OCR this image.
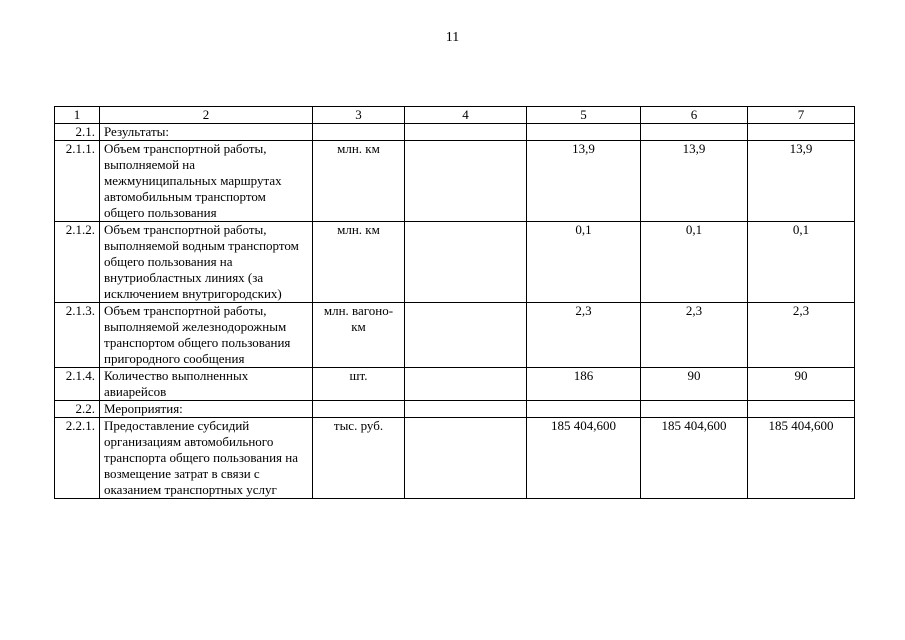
11
1	2	3	4	5	6	7
2.1.	Результаты:					
2.1.1.	Объем транспортной работы, выполняемой на межмуниципальных маршрутах автомобильным транспортом общего пользования	млн. км		13,9	13,9	13,9
2.1.2.	Объем транспортной работы, выполняемой водным транспортом общего пользования на внутриобластных линиях (за исключением внутригородских)	млн. км		0,1	0,1	0,1
2.1.3.	Объем транспортной работы, выполняемой железнодорожным транспортом общего пользования пригородного сообщения	млн. вагоно-км		2,3	2,3	2,3
2.1.4.	Количество выполненных авиарейсов	шт.		186	90	90
2.2.	Мероприятия:					
2.2.1.	Предоставление субсидий организациям автомобильного транспорта общего пользования на возмещение затрат в связи с оказанием транспортных услуг	тыс. руб.		185 404,600	185 404,600	185 404,600
